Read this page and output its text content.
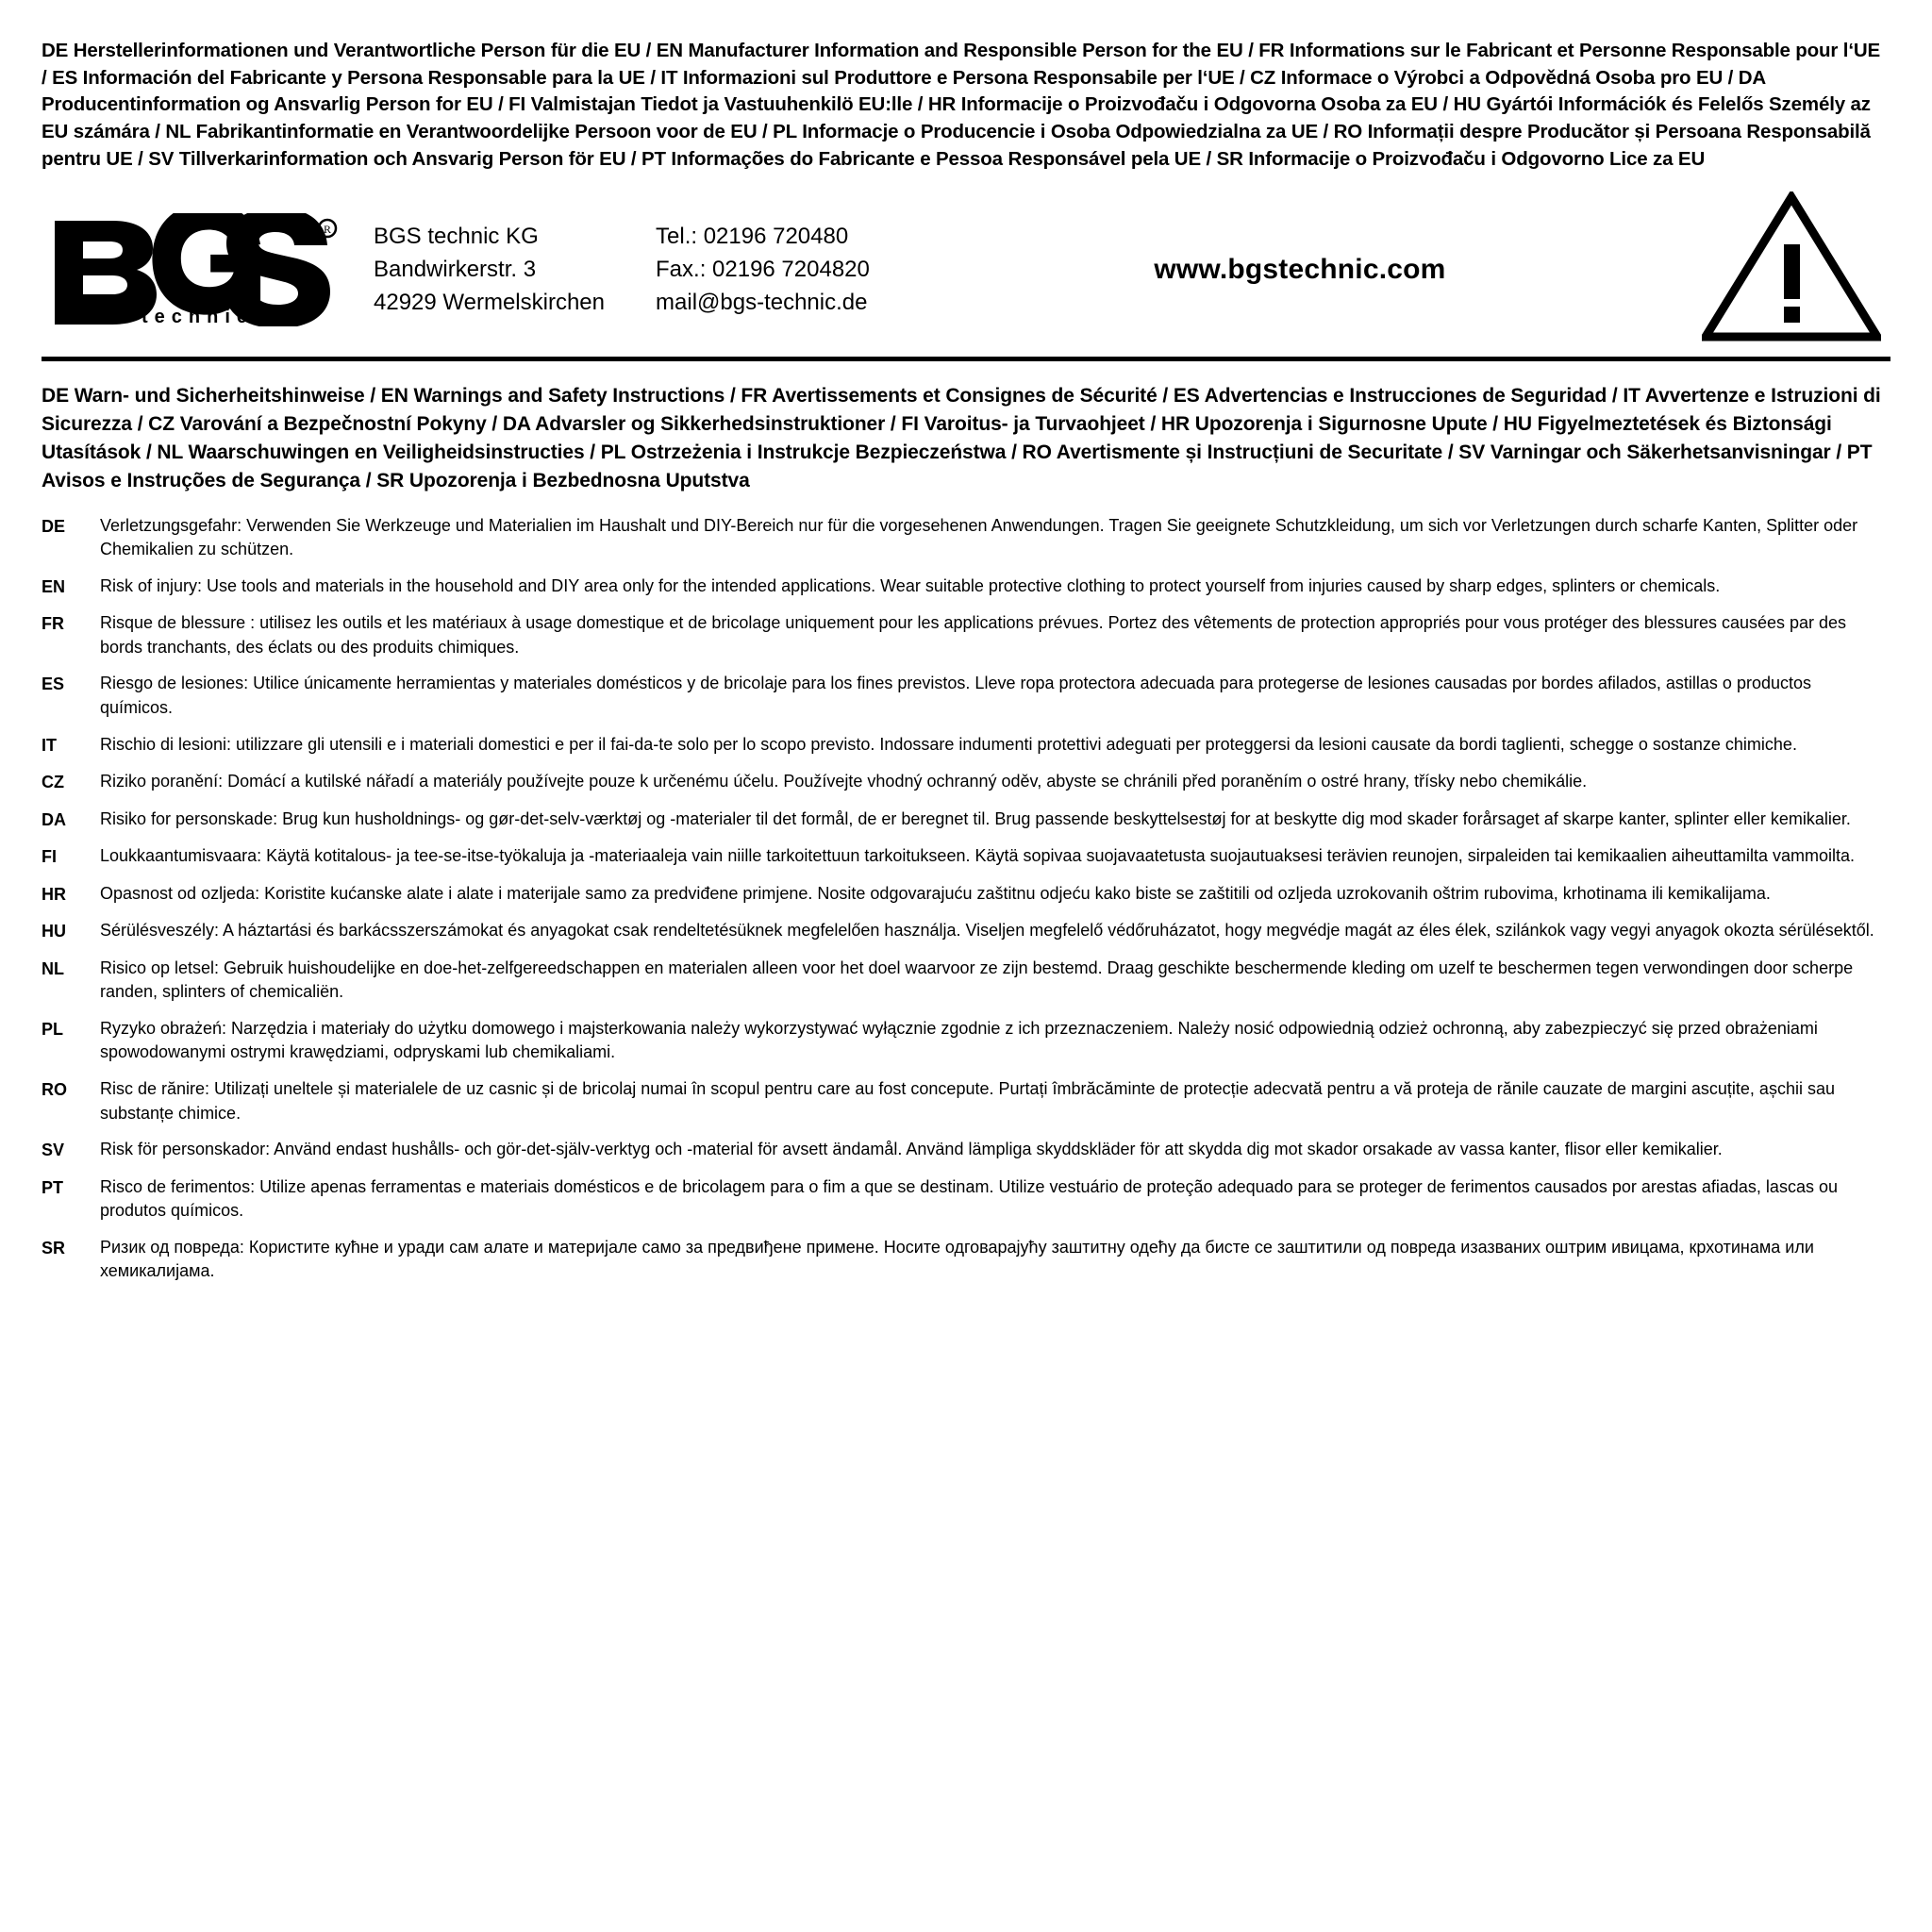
DE Herstellerinformationen und Verantwortliche Person für die EU / EN Manufacturer Information and Responsible Person for the EU / FR Informations sur le Fabricant et Personne Responsable pour l‘UE / ES Información del Fabricante y Persona Responsable para la UE / IT Informazioni sul Produttore e Persona Responsabile per l‘UE / CZ Informace o Výrobci a Odpovědná Osoba pro EU / DA Producentinformation og Ansvarlig Person for EU / FI Valmistajan Tiedot ja Vastuuhenkilö EU:lle / HR Informacije o Proizvođaču i Odgovorna Osoba za EU / HU Gyártói Információk és Felelős Személy az EU számára / NL Fabrikantinformatie en Verantwoordelijke Persoon voor de EU / PL Informacje o Producencie i Osoba Odpowiedzialna za UE / RO Informații despre Producător și Persoana Responsabilă pentru UE / SV Tillverkarinformation och Ansvarig Person för EU / PT Informações do Fabricante e Pessoa Responsável pela UE / SR Informacije o Proizvođaču i Odgovorno Lice za EU
R
technic
BGS technic KG
Bandwirkerstr. 3
42929 Wermelskirchen
Tel.: 02196 720480
Fax.: 02196 7204820
mail@bgs-technic.de
www.bgstechnic.com
DE Warn- und Sicherheitshinweise / EN Warnings and Safety Instructions / FR Avertissements et Consignes de Sécurité / ES Advertencias e Instrucciones de Seguridad / IT Avvertenze e Istruzioni di Sicurezza / CZ Varování a Bezpečnostní Pokyny / DA Advarsler og Sikkerhedsinstruktioner / FI Varoitus- ja Turvaohjeet / HR Upozorenja i Sigurnosne Upute / HU Figyelmeztetések és Biztonsági Utasítások / NL Waarschuwingen en Veiligheidsinstructies / PL Ostrzeżenia i Instrukcje Bezpieczeństwa / RO Avertismente și Instrucțiuni de Securitate / SV Varningar och Säkerhetsanvisningar / PT Avisos e Instruções de Segurança / SR Upozorenja i Bezbednosna Uputstva
DE	Verletzungsgefahr: Verwenden Sie Werkzeuge und Materialien im Haushalt und DIY-Bereich nur für die vorgesehenen Anwendungen. Tragen Sie geeignete Schutzkleidung, um sich vor Verletzungen durch scharfe Kanten, Splitter oder Chemikalien zu schützen.
EN	Risk of injury: Use tools and materials in the household and DIY area only for the intended applications. Wear suitable protective clothing to protect yourself from injuries caused by sharp edges, splinters or chemicals.
FR	Risque de blessure : utilisez les outils et les matériaux à usage domestique et de bricolage uniquement pour les applications prévues. Portez des vêtements de protection appropriés pour vous protéger des blessures causées par des bords tranchants, des éclats ou des produits chimiques.
ES	Riesgo de lesiones: Utilice únicamente herramientas y materiales domésticos y de bricolaje para los fines previstos. Lleve ropa protectora adecuada para protegerse de lesiones causadas por bordes afilados, astillas o productos químicos.
IT	Rischio di lesioni: utilizzare gli utensili e i materiali domestici e per il fai-da-te solo per lo scopo previsto. Indossare indumenti protettivi adeguati per proteggersi da lesioni causate da bordi taglienti, schegge o sostanze chimiche.
CZ	Riziko poranění: Domácí a kutilské nářadí a materiály používejte pouze k určenému účelu. Používejte vhodný ochranný oděv, abyste se chránili před poraněním o ostré hrany, třísky nebo chemikálie.
DA	Risiko for personskade: Brug kun husholdnings- og gør-det-selv-værktøj og -materialer til det formål, de er beregnet til. Brug passende beskyttelsestøj for at beskytte dig mod skader forårsaget af skarpe kanter, splinter eller kemikalier.
FI	Loukkaantumisvaara: Käytä kotitalous- ja tee-se-itse-työkaluja ja -materiaaleja vain niille tarkoitettuun tarkoitukseen. Käytä sopivaa suojavaatetusta suojautuaksesi terävien reunojen, sirpaleiden tai kemikaalien aiheuttamilta vammoilta.
HR	Opasnost od ozljeda: Koristite kućanske alate i alate i materijale samo za predviđene primjene. Nosite odgovarajuću zaštitnu odjeću kako biste se zaštitili od ozljeda uzrokovanih oštrim rubovima, krhotinama ili kemikalijama.
HU	Sérülésveszély: A háztartási és barkácsszerszámokat és anyagokat csak rendeltetésüknek megfelelően használja. Viseljen megfelelő védőruházatot, hogy megvédje magát az éles élek, szilánkok vagy vegyi anyagok okozta sérülésektől.
NL	Risico op letsel: Gebruik huishoudelijke en doe-het-zelfgereedschappen en materialen alleen voor het doel waarvoor ze zijn bestemd. Draag geschikte beschermende kleding om uzelf te beschermen tegen verwondingen door scherpe randen, splinters of chemicaliën.
PL	Ryzyko obrażeń: Narzędzia i materiały do użytku domowego i majsterkowania należy wykorzystywać wyłącznie zgodnie z ich przeznaczeniem. Należy nosić odpowiednią odzież ochronną, aby zabezpieczyć się przed obrażeniami spowodowanymi ostrymi krawędziami, odpryskami lub chemikaliami.
RO	Risc de rănire: Utilizați uneltele și materialele de uz casnic și de bricolaj numai în scopul pentru care au fost concepute. Purtați îmbrăcăminte de protecție adecvată pentru a vă proteja de rănile cauzate de margini ascuțite, așchii sau substanțe chimice.
SV	Risk för personskador: Använd endast hushålls- och gör-det-själv-verktyg och -material för avsett ändamål. Använd lämpliga skyddskläder för att skydda dig mot skador orsakade av vassa kanter, flisor eller kemikalier.
PT	Risco de ferimentos: Utilize apenas ferramentas e materiais domésticos e de bricolagem para o fim a que se destinam. Utilize vestuário de proteção adequado para se proteger de ferimentos causados por arestas afiadas, lascas ou produtos químicos.
SR	Ризик од повреда: Користите кућне и уради сам алате и материјале само за предвиђене примене. Носите одговарајућу заштитну одећу да бисте се заштитили од повреда изазваних оштрим ивицама, крхотинама или хемикалијама.
